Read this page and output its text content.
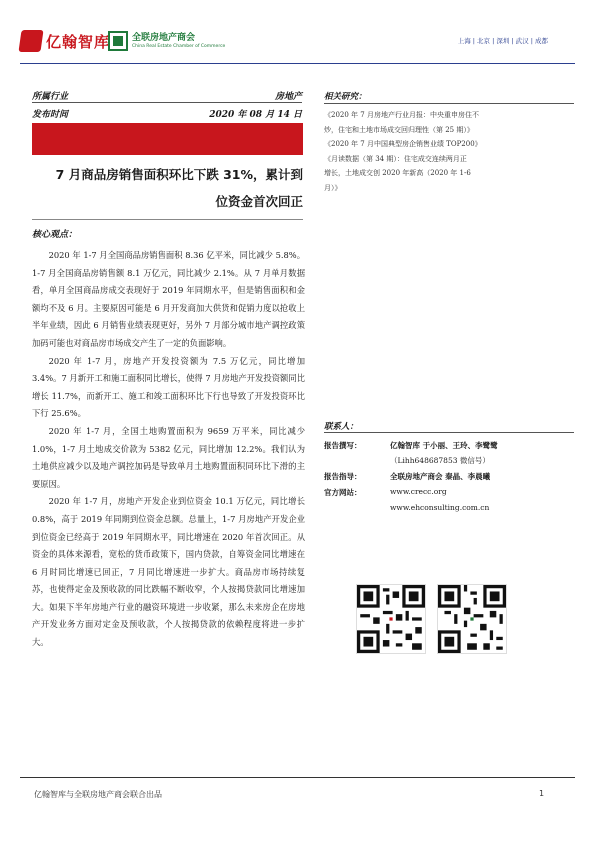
亿翰智库 全联房地产商会
China Real Estate Chamber of Commerce
上海 | 北京 | 深圳 | 武汉 | 成都
所属行业	房地产
发布时间	2020 年 08 月 14 日
7 月商品房销售面积环比下跌 31%，累计到
位资金首次回正
核心观点：

2020 年 1-7 月全国商品房销售面积 8.36 亿平米，同比减少 5.8%。1-7 月全国商品房销售额 8.1 万亿元，同比减少 2.1%。从 7 月单月数据看，单月全国商品房成交表现好于 2019 年同期水平，但是销售面积和金额均不及 6 月。主要原因可能是 6 月开发商加大供货和促销力度以抢收上半年业绩，因此 6 月销售业绩表现更好，另外 7 月部分城市地产调控政策加码可能也对商品房市场成交产生了一定的负面影响。

2020 年 1-7 月，房地产开发投资额为 7.5 万亿元，同比增加 3.4%。7 月新开工和施工面积同比增长，使得 7 月房地产开发投资额同比增长 11.7%，而新开工、施工和竣工面积环比下行也导致了开发投资环比下行 25.6%。

2020 年 1-7 月，全国土地购置面积为 9659 万平米，同比减少 1.0%，1-7 月土地成交价款为 5382 亿元，同比增加 12.2%。我们认为土地供应减少以及地产调控加码是导致单月土地购置面积同环比下滑的主要原因。

2020 年 1-7 月，房地产开发企业到位资金 10.1 万亿元，同比增长 0.8%，高于 2019 年同期到位资金总额。总量上，1-7 月房地产开发企业到位资金已经高于 2019 年同期水平，同比增速在 2020 年首次回正。从资金的具体来源看，宽松的货币政策下，国内贷款，自筹资金同比增速在 6 月时同比增速已回正，7 月同比增速进一步扩大。商品房市场持续复苏，也使得定金及预收款的同比跌幅不断收窄，个人按揭贷款同比增速加大。如果下半年房地产行业的融资环境进一步收紧，那么未来房企在房地产开发业务方面对定金及预收款，个人按揭贷款的依赖程度将进一步扩大。

相关研究：
《2020 年 7 月房地产行业月报：中央重申房住不
炒，住宅和土地市场成交回归理性（第 25 期）》
《2020 年 7 月中国典型房企销售业绩 TOP200》
《月读数据（第 34 期）：住宅成交连续两月正
增长，土地成交创 2020 年新高（2020 年 1-6
月）》
联系人：
报告撰写：	亿翰智库 于小丽、王玲、李鹭鹭
（Lihh648687853 微信号）
报告指导：	全联房地产商会 秦晶、李晨曦
官方网站：	www.crecc.org
www.ehconsulting.com.cn
亿翰智库与全联房地产商会联合出品	1
